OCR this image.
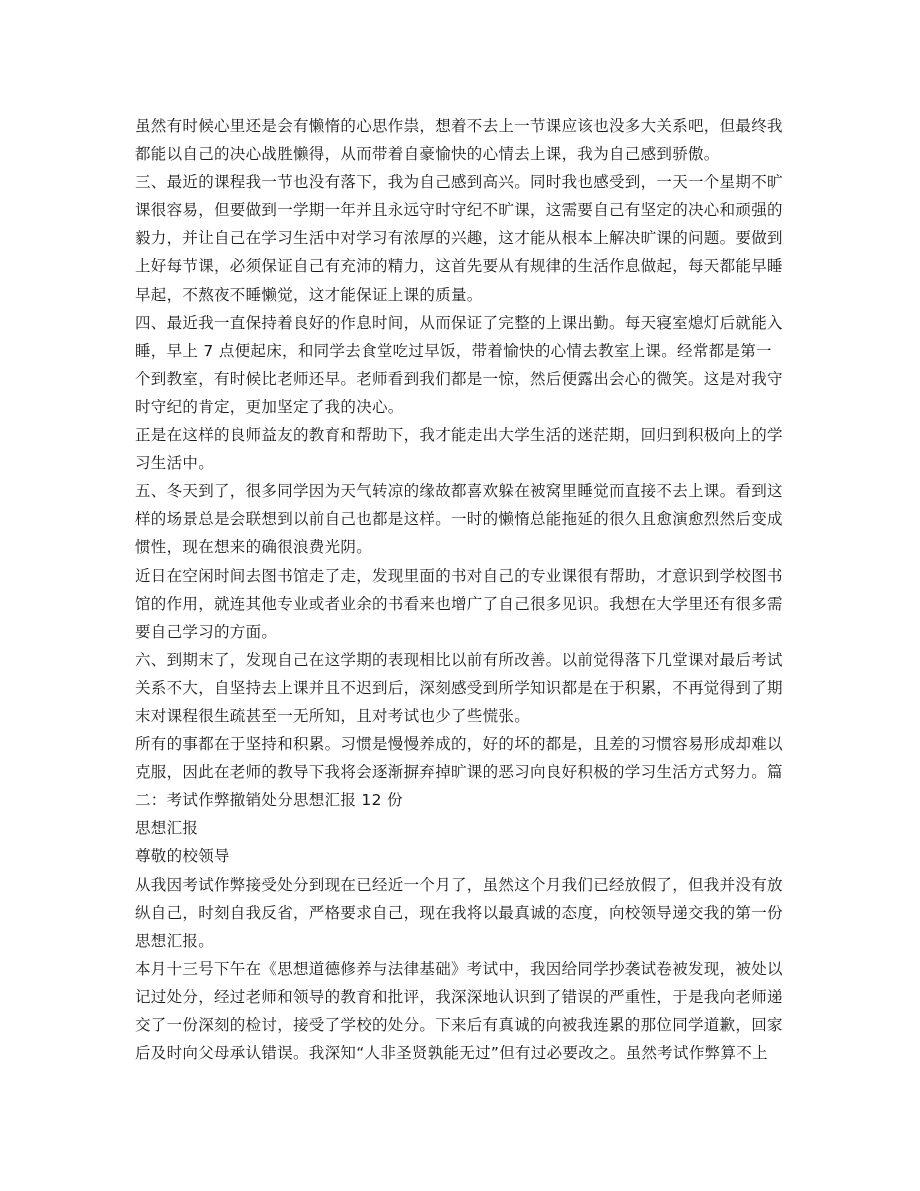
虽然有时候心里还是会有懒惰的心思作祟，想着不去上一节课应该也没多大关系吧，但最终我
都能以自己的决心战胜懒得，从而带着自豪愉快的心情去上课，我为自己感到骄傲。

三、最近的课程我一节也没有落下，我为自己感到高兴。同时我也感受到，一天一个星期不旷
课很容易，但要做到一学期一年并且永远守时守纪不旷课，这需要自己有坚定的决心和顽强的
毅力，并让自己在学习生活中对学习有浓厚的兴趣，这才能从根本上解决旷课的问题。要做到
上好每节课，必须保证自己有充沛的精力，这首先要从有规律的生活作息做起，每天都能早睡
早起，不熬夜不睡懒觉，这才能保证上课的质量。

四、最近我一直保持着良好的作息时间，从而保证了完整的上课出勤。每天寝室熄灯后就能入
睡，早上 7 点便起床，和同学去食堂吃过早饭，带着愉快的心情去教室上课。经常都是第一
个到教室，有时候比老师还早。老师看到我们都是一惊，然后便露出会心的微笑。这是对我守
时守纪的肯定，更加坚定了我的决心。

正是在这样的良师益友的教育和帮助下，我才能走出大学生活的迷茫期，回归到积极向上的学
习生活中。

五、冬天到了，很多同学因为天气转凉的缘故都喜欢躲在被窝里睡觉而直接不去上课。看到这
样的场景总是会联想到以前自己也都是这样。一时的懒惰总能拖延的很久且愈演愈烈然后变成
惯性，现在想来的确很浪费光阴。

近日在空闲时间去图书馆走了走，发现里面的书对自己的专业课很有帮助，才意识到学校图书
馆的作用，就连其他专业或者业余的书看来也增广了自己很多见识。我想在大学里还有很多需
要自己学习的方面。

六、到期末了，发现自己在这学期的表现相比以前有所改善。以前觉得落下几堂课对最后考试
关系不大，自坚持去上课并且不迟到后，深刻感受到所学知识都是在于积累，不再觉得到了期
末对课程很生疏甚至一无所知，且对考试也少了些慌张。

所有的事都在于坚持和积累。习惯是慢慢养成的，好的坏的都是，且差的习惯容易形成却难以
克服，因此在老师的教导下我将会逐渐摒弃掉旷课的恶习向良好积极的学习生活方式努力。篇
二：考试作弊撤销处分思想汇报 12 份

思想汇报

尊敬的校领导

从我因考试作弊接受处分到现在已经近一个月了，虽然这个月我们已经放假了，但我并没有放
纵自己，时刻自我反省，严格要求自己，现在我将以最真诚的态度，向校领导递交我的第一份
思想汇报。

本月十三号下午在《思想道德修养与法律基础》考试中，我因给同学抄袭试卷被发现，被处以
记过处分，经过老师和领导的教育和批评，我深深地认识到了错误的严重性，于是我向老师递
交了一份深刻的检讨，接受了学校的处分。下来后有真诚的向被我连累的那位同学道歉，回家
后及时向父母承认错误。我深知“人非圣贤孰能无过”但有过必要改之。虽然考试作弊算不上
